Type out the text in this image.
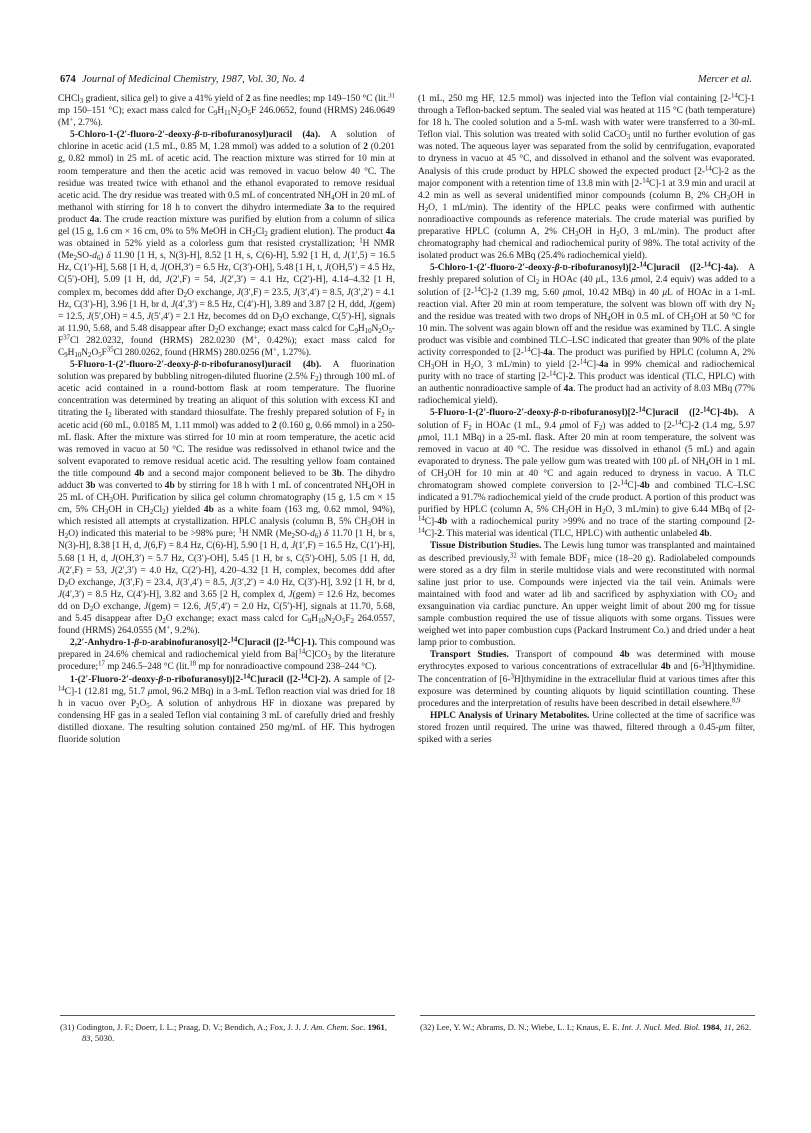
674 Journal of Medicinal Chemistry, 1987, Vol. 30, No. 4	Mercer et al.

CHCl$_3$ gradient, silica gel) to give a 41% yield of 2 as fine needles; mp 149–150 °C (lit.$^{31}$ mp 150–151 °C); exact mass calcd for $C_9H_{11}N_2O_5F$ 246.0652, found (HRMS) 246.0649 (M+, 2.7%).

5-Chloro-1-(2′-fluoro-2′-deoxy-β-d-ribofuranosyl)uracil (4a). A solution of chlorine in acetic acid (1.5 mL, 0.85 M, 1.28 mmol) was added to a solution of 2 (0.201 g, 0.82 mmol) in 25 mL of acetic acid. The reaction mixture was stirred for 10 min at room temperature and then the acetic acid was removed in vacuo below 40 °C. The residue was treated twice with ethanol and the ethanol evaporated to remove residual acetic acid. The dry residue was treated with 0.5 mL of concentrated $NH_4OH$ in 20 mL of methanol with stirring for 18 h to convert the dihydro intermediate 3a to the required product 4a. The crude reaction mixture was purified by elution from a column of silica gel (15 g, 1.6 cm × 16 cm, 0% to 5% MeOH in $CH_2Cl_2$ gradient elution). The product 4a was obtained in 52% yield as a colorless gum that resisted crystallization; $^1$H NMR $(Me_2SO-d_6)$ δ 11.90 [1 H, s, N(3)-H], 8.52 [1 H, s, C(6)-H], 5.92 [1 H, d, J(1′,5) = 16.5 Hz, C(1′)-H], 5.68 [1 H, d, J(OH,3′) = 6.5 Hz, C(3′)-OH], 5.48 [1 H, t, J(OH,5′) = 4.5 Hz, C(5′)-OH], 5.09 [1 H, dd, J(2′,F) = 54, J(2′,3′) = 4.1 Hz, C(2′)-H], 4.14–4.32 [1 H, complex m, becomes ddd after $D_2O$ exchange, J(3′,F) = 23.5, J(3′,4′) = 8.5, J(3′,2′) = 4.1 Hz, C(3′)-H], 3.96 [1 H, br d, J(4′,3′) = 8.5 Hz, C(4′)-H], 3.89 and 3.87 [2 H, ddd, J(gem) = 12.5, J(5′,OH) = 4.5, J(5′,4′) = 2.1 Hz, becomes dd on $D_2O$ exchange, C(5′)-H], signals at 11.90, 5.68, and 5.48 disappear after $D_2O$ exchange; exact mass calcd for $C_9H_{10}N_2O_5-F^{37}Cl$ 282.0232, found (HRMS) 282.0230 (M+, 0.42%); exact mass calcd for $C_9H_{10}N_2O_5F^{35}Cl$ 280.0262, found (HRMS) 280.0256 (M+, 1.27%).

5-Fluoro-1-(2′-fluoro-2′-deoxy-β-d-ribofuranosyl)uracil (4b). A fluorination solution was prepared by bubbling nitrogen-diluted fluorine (2.5% $F_2$) through 100 mL of acetic acid contained in a round-bottom flask at room temperature. The fluorine concentration was determined by treating an aliquot of this solution with excess KI and titrating the $I_2$ liberated with standard thiosulfate. The freshly prepared solution of $F_2$ in acetic acid (60 mL, 0.0185 M, 1.11 mmol) was added to 2 (0.160 g, 0.66 mmol) in a 250-mL flask. After the mixture was stirred for 10 min at room temperature, the acetic acid was removed in vacuo at 50 °C. The residue was redissolved in ethanol twice and the solvent evaporated to remove residual acetic acid. The resulting yellow foam contained the title compound 4b and a second major component believed to be 3b. The dihydro adduct 3b was converted to 4b by stirring for 18 h with 1 mL of concentrated $NH_4OH$ in 25 mL of $CH_3OH$. Purification by silica gel column chromatography (15 g, 1.5 cm × 15 cm, 5% $CH_3OH$ in $CH_2Cl_2$) yielded 4b as a white foam (163 mg, 0.62 mmol, 94%), which resisted all attempts at crystallization. HPLC analysis (column B, 5% $CH_3OH$ in $H_2O$) indicated this material to be >98% pure; $^1$H NMR $(Me_2SO-d_6)$ δ 11.70 [1 H, br s, N(3)-H], 8.38 [1 H, d, J(6,F) = 8.4 Hz, C(6)-H], 5.90 [1 H, d, J(1′,F) = 16.5 Hz, C(1′)-H], 5.68 [1 H, d, J(OH,3′) = 5.7 Hz, C(3′)-OH], 5.45 [1 H, br s, C(5′)-OH], 5.05 [1 H, dd, J(2′,F) = 53, J(2′,3′) = 4.0 Hz, C(2′)-H], 4.20–4.32 [1 H, complex, becomes ddd after $D_2O$ exchange, J(3′,F) = 23.4, J(3′,4′) = 8.5, J(3′,2′) = 4.0 Hz, C(3′)-H], 3.92 [1 H, br d, J(4′,3′) = 8.5 Hz, C(4′)-H], 3.82 and 3.65 [2 H, complex d, J(gem) = 12.6 Hz, becomes dd on $D_2O$ exchange, J(gem) = 12.6, J(5′,4′) = 2.0 Hz, C(5′)-H], signals at 11.70, 5.68, and 5.45 disappear after $D_2O$ exchange; exact mass calcd for $C_9H_{10}N_2O_5F_2$ 264.0557, found (HRMS) 264.0555 (M+, 9.2%).

2,2′-Anhydro-1-β-d-arabinofuranosyl[2-$^{14}$C]uracil ([2-$^{14}$C]-1). This compound was prepared in 24.6% chemical and radiochemical yield from $Ba[^{14}C]CO_3$ by the literature procedure;$^{17}$ mp 246.5–248 °C (lit.$^{18}$ mp for nonradioactive compound 238–244 °C).

1-(2′-Fluoro-2′-deoxy-β-d-ribofuranosyl)[2-$^{14}$C]uracil ([2-$^{14}$C]-2). A sample of [2-$^{14}$C]-1 (12.81 mg, 51.7 μmol, 96.2 MBq) in a 3-mL Teflon reaction vial was dried for 18 h in vacuo over $P_2O_5$. A solution of anhydrous HF in dioxane was prepared by condensing HF gas in a sealed Teflon vial containing 3 mL of carefully dried and freshly distilled dioxane. The resulting solution contained 250 mg/mL of HF. This hydrogen fluoride solution

(1 mL, 250 mg HF, 12.5 mmol) was injected into the Teflon vial containing [2-$^{14}$C]-1 through a Teflon-backed septum. The sealed vial was heated at 115 °C (bath temperature) for 18 h. The cooled solution and a 5-mL wash with water were transferred to a 30-mL Teflon vial. This solution was treated with solid CaCO$_3$ until no further evolution of gas was noted. The aqueous layer was separated from the solid by centrifugation, evaporated to dryness in vacuo at 45 °C, and dissolved in ethanol and the solvent was evaporated. Analysis of this crude product by HPLC showed the expected product [2-$^{14}$C]-2 as the major component with a retention time of 13.8 min with [2-$^{14}$C]-1 at 3.9 min and uracil at 4.2 min as well as several unidentified minor compounds (column B, 2% $CH_3OH$ in $H_2O$, 1 mL/min). The identity of the HPLC peaks were confirmed with authentic nonradioactive compounds as reference materials. The crude material was purified by preparative HPLC (column A, 2% $CH_3OH$ in $H_2O$, 3 mL/min). The product after chromatography had chemical and radiochemical purity of 98%. The total activity of the isolated product was 26.6 MBq (25.4% radiochemical yield).

5-Chloro-1-(2′-fluoro-2′-deoxy-β-d-ribofuranosyl)[2-$^{14}$C]uracil ([2-$^{14}$C]-4a). A freshly prepared solution of $Cl_2$ in HOAc (40 μL, 13.6 μmol, 2.4 equiv) was added to a solution of [2-$^{14}$C]-2 (1.39 mg, 5.60 μmol, 10.42 MBq) in 40 μL of HOAc in a 1-mL reaction vial. After 20 min at room temperature, the solvent was blown off with dry $N_2$ and the residue was treated with two drops of $NH_4OH$ in 0.5 mL of $CH_3OH$ at 50 °C for 10 min. The solvent was again blown off and the residue was examined by TLC. A single product was visible and combined TLC–LSC indicated that greater than 90% of the plate activity corresponded to [2-$^{14}$C]-4a. The product was purified by HPLC (column A, 2% $CH_3OH$ in $H_2O$, 3 mL/min) to yield [2-$^{14}$C]-4a in 99% chemical and radiochemical purity with no trace of starting [2-$^{14}$C]-2. This product was identical (TLC, HPLC) with an authentic nonradioactive sample of 4a. The product had an activity of 8.03 MBq (77% radiochemical yield).

5-Fluoro-1-(2′-fluoro-2′-deoxy-β-d-ribofuranosyl)[2-$^{14}$C]uracil ([2-$^{14}$C]-4b). A solution of $F_2$ in HOAc (1 mL, 9.4 μmol of $F_2$) was added to [2-$^{14}$C]-2 (1.4 mg, 5.97 μmol, 11.1 MBq) in a 25-mL flask. After 20 min at room temperature, the solvent was removed in vacuo at 40 °C. The residue was dissolved in ethanol (5 mL) and again evaporated to dryness. The pale yellow gum was treated with 100 μL of $NH_4OH$ in 1 mL of $CH_3OH$ for 10 min at 40 °C and again reduced to dryness in vacuo. A TLC chromatogram showed complete conversion to [2-$^{14}$C]-4b and combined TLC–LSC indicated a 91.7% radiochemical yield of the crude product. A portion of this product was purified by HPLC (column A, 5% $CH_3OH$ in $H_2O$, 3 mL/min) to give 6.44 MBq of [2-$^{14}$C]-4b with a radiochemical purity >99% and no trace of the starting compound [2-$^{14}$C]-2. This material was identical (TLC, HPLC) with authentic unlabeled 4b.

Tissue Distribution Studies. The Lewis lung tumor was transplanted and maintained as described previously,$^{32}$ with female $BDF_1$ mice (18–20 g). Radiolabeled compounds were stored as a dry film in sterile multidose vials and were reconstituted with normal saline just prior to use. Compounds were injected via the tail vein. Animals were maintained with food and water ad lib and sacrificed by asphyxiation with $CO_2$ and exsanguination via cardiac puncture. An upper weight limit of about 200 mg for tissue sample combustion required the use of tissue aliquots with some organs. Tissues were weighed wet into paper combustion cups (Packard Instrument Co.) and dried under a heat lamp prior to combustion.

Transport Studies. Transport of compound 4b was determined with mouse erythrocytes exposed to various concentrations of extracellular 4b and [6-$^3$H]thymidine. The concentration of [6-$^3$H]thymidine in the extracellular fluid at various times after this exposure was determined by counting aliquots by liquid scintillation counting. These procedures and the interpretation of results have been described in detail elsewhere.$^{8,9}$

HPLC Analysis of Urinary Metabolites. Urine collected at the time of sacrifice was stored frozen until required. The urine was thawed, filtered through a 0.45-μm filter, spiked with a series

(31) Codington, J. F.; Doerr, I. L.; Praag, D. V.; Bendich, A.; Fox, J. J. J. Am. Chem. Soc. 1961, 83, 5030.
(32) Lee, Y. W.; Abrams, D. N.; Wiebe, L. I.; Knaus, E. E. Int. J. Nucl. Med. Biol. 1984, 11, 262.
